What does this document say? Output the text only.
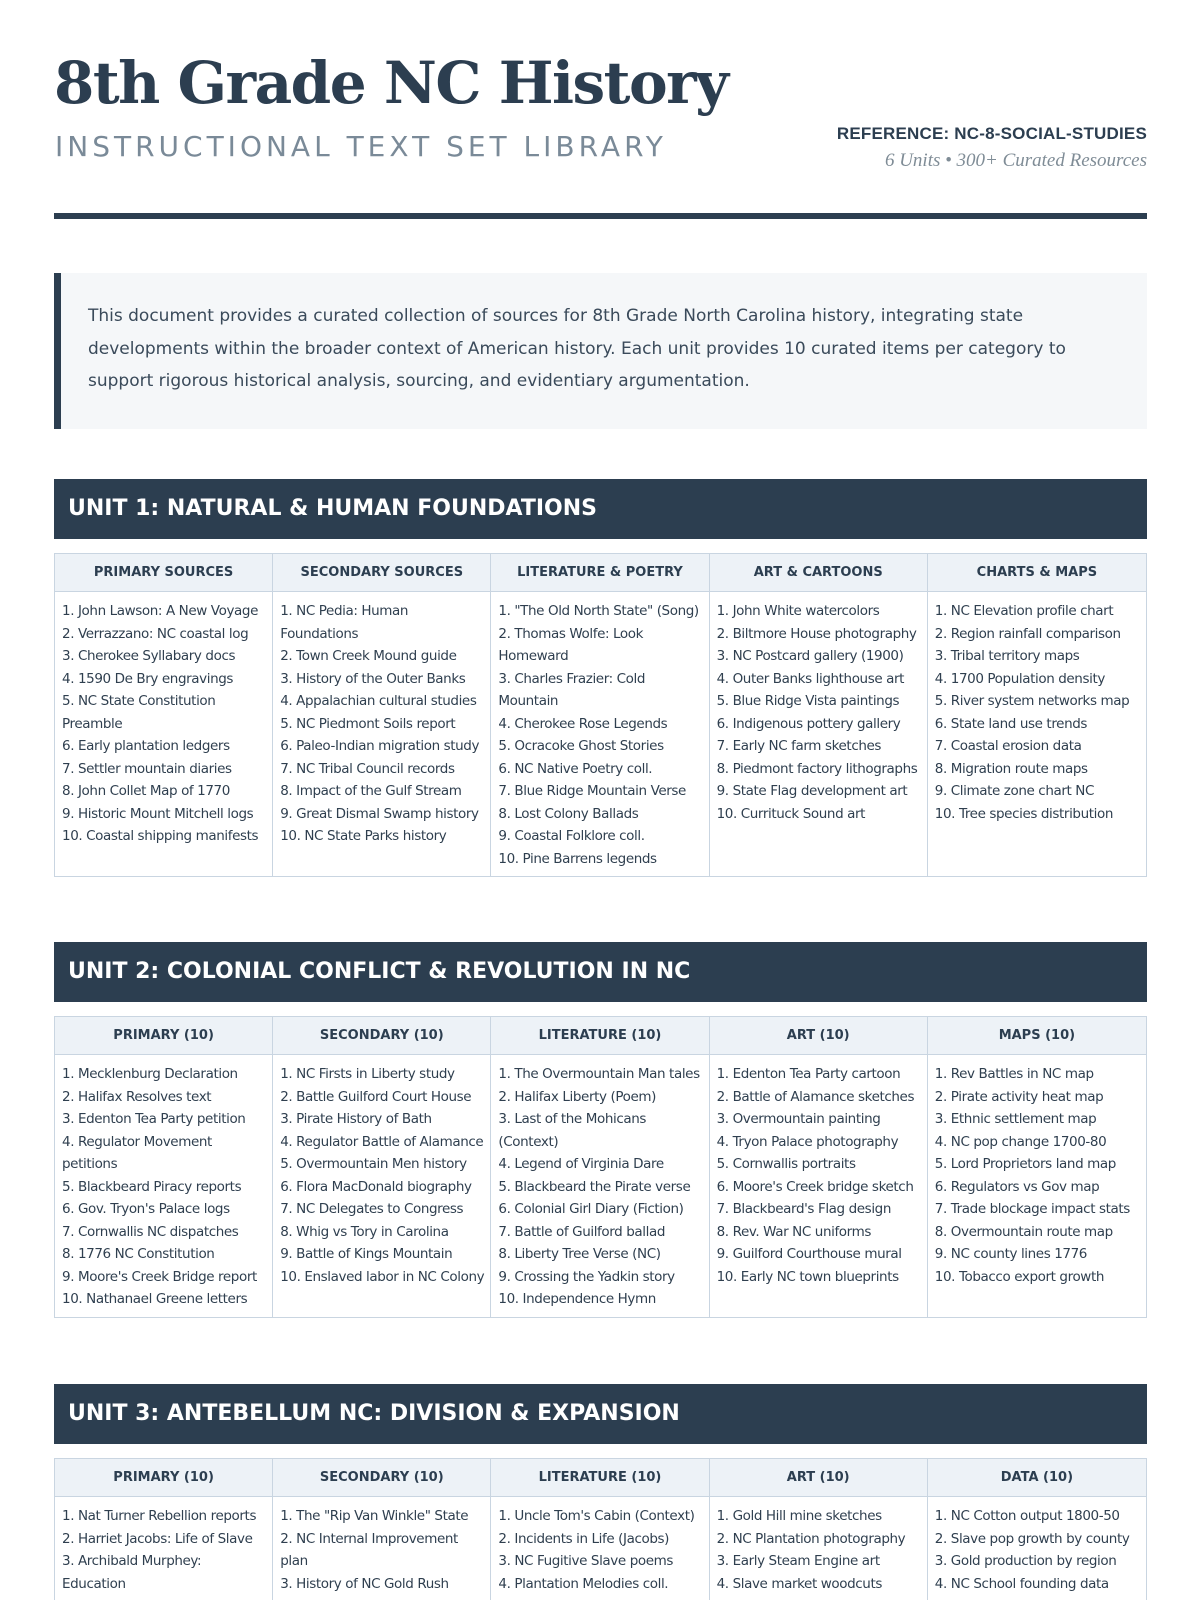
8th Grade NC History
INSTRUCTIONAL TEXT SET LIBRARY	REFERENCE: NC-8-SOCIAL-STUDIES
6 Units • 300+ Curated Resources

This document provides a curated collection of sources for 8th Grade North Carolina history, integrating state developments within the broader context of American history. Each unit provides 10 curated items per category to support rigorous historical analysis, sourcing, and evidentiary argumentation.

UNIT 1: NATURAL & HUMAN FOUNDATIONS
PRIMARY SOURCES
1. John Lawson: A New Voyage
2. Verrazzano: NC coastal log
3. Cherokee Syllabary docs
4. 1590 De Bry engravings
5. NC State Constitution Preamble
6. Early plantation ledgers
7. Settler mountain diaries
8. John Collet Map of 1770
9. Historic Mount Mitchell logs
10. Coastal shipping manifests
SECONDARY SOURCES
1. NC Pedia: Human Foundations
2. Town Creek Mound guide
3. History of the Outer Banks
4. Appalachian cultural studies
5. NC Piedmont Soils report
6. Paleo-Indian migration study
7. NC Tribal Council records
8. Impact of the Gulf Stream
9. Great Dismal Swamp history
10. NC State Parks history
LITERATURE & POETRY
1. "The Old North State" (Song)
2. Thomas Wolfe: Look Homeward
3. Charles Frazier: Cold Mountain
4. Cherokee Rose Legends
5. Ocracoke Ghost Stories
6. NC Native Poetry coll.
7. Blue Ridge Mountain Verse
8. Lost Colony Ballads
9. Coastal Folklore coll.
10. Pine Barrens legends
ART & CARTOONS
1. John White watercolors
2. Biltmore House photography
3. NC Postcard gallery (1900)
4. Outer Banks lighthouse art
5. Blue Ridge Vista paintings
6. Indigenous pottery gallery
7. Early NC farm sketches
8. Piedmont factory lithographs
9. State Flag development art
10. Currituck Sound art
CHARTS & MAPS
1. NC Elevation profile chart
2. Region rainfall comparison
3. Tribal territory maps
4. 1700 Population density
5. River system networks map
6. State land use trends
7. Coastal erosion data
8. Migration route maps
9. Climate zone chart NC
10. Tree species distribution
UNIT 2: COLONIAL CONFLICT & REVOLUTION IN NC
PRIMARY (10)
1. Mecklenburg Declaration
2. Halifax Resolves text
3. Edenton Tea Party petition
4. Regulator Movement petitions
5. Blackbeard Piracy reports
6. Gov. Tryon's Palace logs
7. Cornwallis NC dispatches
8. 1776 NC Constitution
9. Moore's Creek Bridge report
10. Nathanael Greene letters
SECONDARY (10)
1. NC Firsts in Liberty study
2. Battle Guilford Court House
3. Pirate History of Bath
4. Regulator Battle of Alamance
5. Overmountain Men history
6. Flora MacDonald biography
7. NC Delegates to Congress
8. Whig vs Tory in Carolina
9. Battle of Kings Mountain
10. Enslaved labor in NC Colony
LITERATURE (10)
1. The Overmountain Man tales
2. Halifax Liberty (Poem)
3. Last of the Mohicans (Context)
4. Legend of Virginia Dare
5. Blackbeard the Pirate verse
6. Colonial Girl Diary (Fiction)
7. Battle of Guilford ballad
8. Liberty Tree Verse (NC)
9. Crossing the Yadkin story
10. Independence Hymn
ART (10)
1. Edenton Tea Party cartoon
2. Battle of Alamance sketches
3. Overmountain painting
4. Tryon Palace photography
5. Cornwallis portraits
6. Moore's Creek bridge sketch
7. Blackbeard's Flag design
8. Rev. War NC uniforms
9. Guilford Courthouse mural
10. Early NC town blueprints
MAPS (10)
1. Rev Battles in NC map
2. Pirate activity heat map
3. Ethnic settlement map
4. NC pop change 1700-80
5. Lord Proprietors land map
6. Regulators vs Gov map
7. Trade blockage impact stats
8. Overmountain route map
9. NC county lines 1776
10. Tobacco export growth
UNIT 3: ANTEBELLUM NC: DIVISION & EXPANSION
PRIMARY (10)
1. Nat Turner Rebellion reports
2. Harriet Jacobs: Life of Slave
3. Archibald Murphey: Education
SECONDARY (10)
1. The "Rip Van Winkle" State
2. NC Internal Improvement plan
3. History of NC Gold Rush
LITERATURE (10)
1. Uncle Tom's Cabin (Context)
2. Incidents in Life (Jacobs)
3. NC Fugitive Slave poems
4. Plantation Melodies coll.
ART (10)
1. Gold Hill mine sketches
2. NC Plantation photography
3. Early Steam Engine art
4. Slave market woodcuts
DATA (10)
1. NC Cotton output 1800-50
2. Slave pop growth by county
3. Gold production by region
4. NC School founding data
